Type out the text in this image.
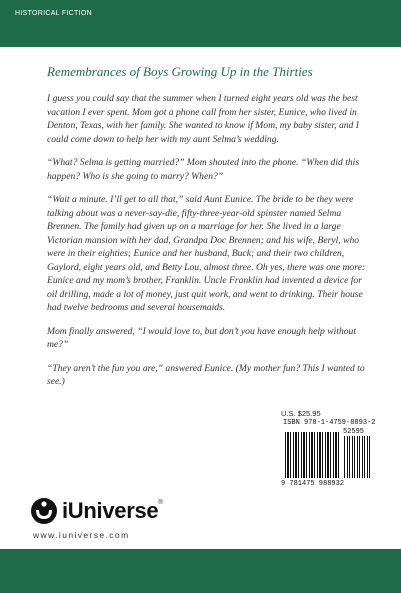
HISTORICAL FICTION
Remembrances of Boys Growing Up in the Thirties

I guess you could say that the summer when I turned eight years old was the best vacation I ever spent. Mom got a phone call from her sister, Eunice, who lived in Denton, Texas, with her family. She wanted to know if Mom, my baby sister, and I could come down to help her with my aunt Selma’s wedding.

“What? Selma is getting married?” Mom shouted into the phone. “When did this happen? Who is she going to marry? When?”

“Wait a minute. I’ll get to all that,” said Aunt Eunice. The bride to be they were talking about was a never-say-die, fifty-three-year-old spinster named Selma Brennen. The family had given up on a marriage for her. She lived in a large Victorian mansion with her dad, Grandpa Doc Brennen; and his wife, Beryl, who were in their eighties; Eunice and her husband, Buck; and their two children, Gaylord, eight years old, and Betty Lou, almost three. Oh yes, there was one more: Eunice and my mom’s brother, Franklin. Uncle Franklin had invented a device for oil drilling, made a lot of money, just quit work, and went to drinking. Their house had twelve bedrooms and several housemaids.

Mom finally answered, “I would love to, but don’t you have enough help without me?”

“They aren’t the fun you are,” answered Eunice. (My mother fun? This I wanted to see.)

U.S. $25.95
ISBN 978-1-4759-8893-2
52595
9 781475 988932
iUniverse®
www.iuniverse.com
